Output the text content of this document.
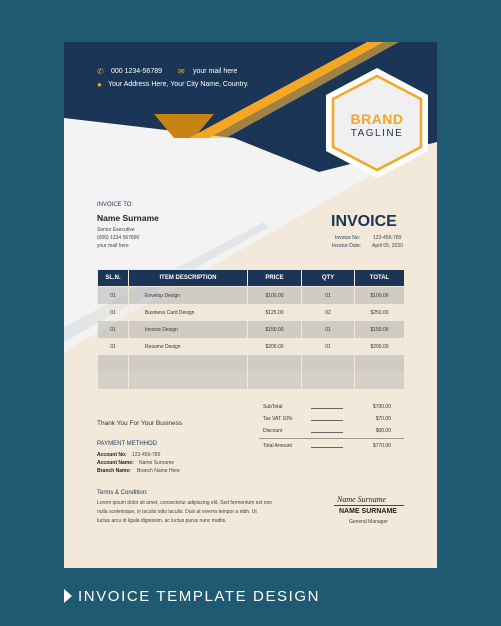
✆ 000 1234-56789 ✉ your mail here
● Your Address Here, Your City Name, Country.
BRAND
TAGLINE
INVOICE TO:
Name Surname
Senior Executive
(000) 1234 567890
your mail here
INVOICE
Invoice No:	123-456-789
Invoice Date: April 05, 2030
SL.N.	ITEM DESCRIPTION	PRICE	QTY	TOTAL
01	Envelop Design	$100.00	01	$100.00
01	Business Card Design	$125.00	02	$250.00
01	Invoice Design	$150.00	01	$150.00
01	Resume Design	$200.00	01	$200.00

SubTotal	$700.00
Tax VAT 10%	$70.00
Discount	$00.00
Total Amount	$770.00
Thank You For Your Business
PAYMENT METHHOD
Account No: 123-456-789
Account Name: Name Surname
Branch Name: Branch Name Here
Terms & Condition:
Lorem ipsum dolor sit amet, consectetur adipiscing elit. Sed fermentum est non
nulla scelerisque, in iaculis odio iaculis. Duis at viverra tempor a nibh. Ut
luctus arcu id ligula dignissim, ac luctus purus nunc mattis.
Name Surname
NAME SURNAME
General Manager
INVOICE TEMPLATE DESIGN
